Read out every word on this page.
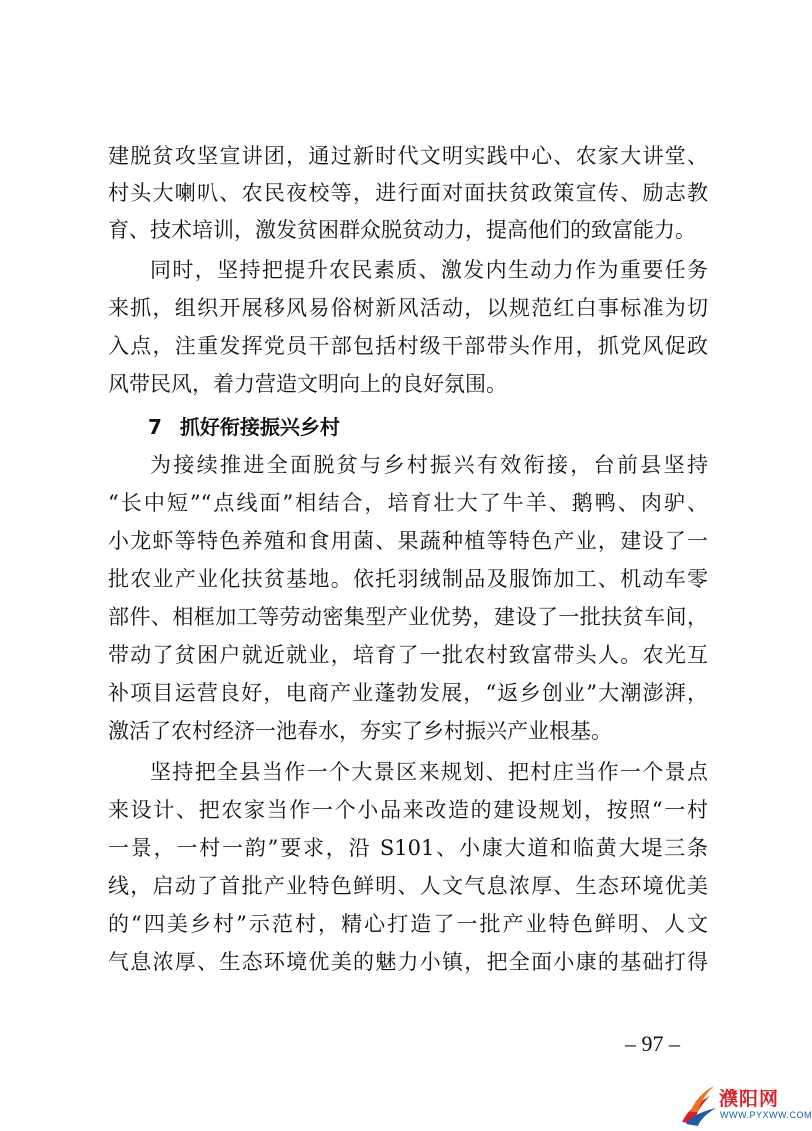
建脱贫攻坚宣讲团，通过新时代文明实践中心、农家大讲堂、
村头大喇叭、农民夜校等，进行面对面扶贫政策宣传、励志教
育、技术培训，激发贫困群众脱贫动力，提高他们的致富能力。
同时，坚持把提升农民素质、激发内生动力作为重要任务
来抓，组织开展移风易俗树新风活动，以规范红白事标准为切
入点，注重发挥党员干部包括村级干部带头作用，抓党风促政
风带民风，着力营造文明向上的良好氛围。
7 抓好衔接振兴乡村
为接续推进全面脱贫与乡村振兴有效衔接，台前县坚持
“长中短”“点线面”相结合，培育壮大了牛羊、鹅鸭、肉驴、
小龙虾等特色养殖和食用菌、果蔬种植等特色产业，建设了一
批农业产业化扶贫基地。依托羽绒制品及服饰加工、机动车零
部件、相框加工等劳动密集型产业优势，建设了一批扶贫车间，
带动了贫困户就近就业，培育了一批农村致富带头人。农光互
补项目运营良好，电商产业蓬勃发展，“返乡创业”大潮澎湃，
激活了农村经济一池春水，夯实了乡村振兴产业根基。
坚持把全县当作一个大景区来规划、把村庄当作一个景点
来设计、把农家当作一个小品来改造的建设规划，按照“一村
一景，一村一韵”要求，沿 S101、小康大道和临黄大堤三条
线，启动了首批产业特色鲜明、人文气息浓厚、生态环境优美
的“四美乡村”示范村，精心打造了一批产业特色鲜明、人文
气息浓厚、生态环境优美的魅力小镇，把全面小康的基础打得
– 97 –
濮阳网
WWW.PYXWW.COM
